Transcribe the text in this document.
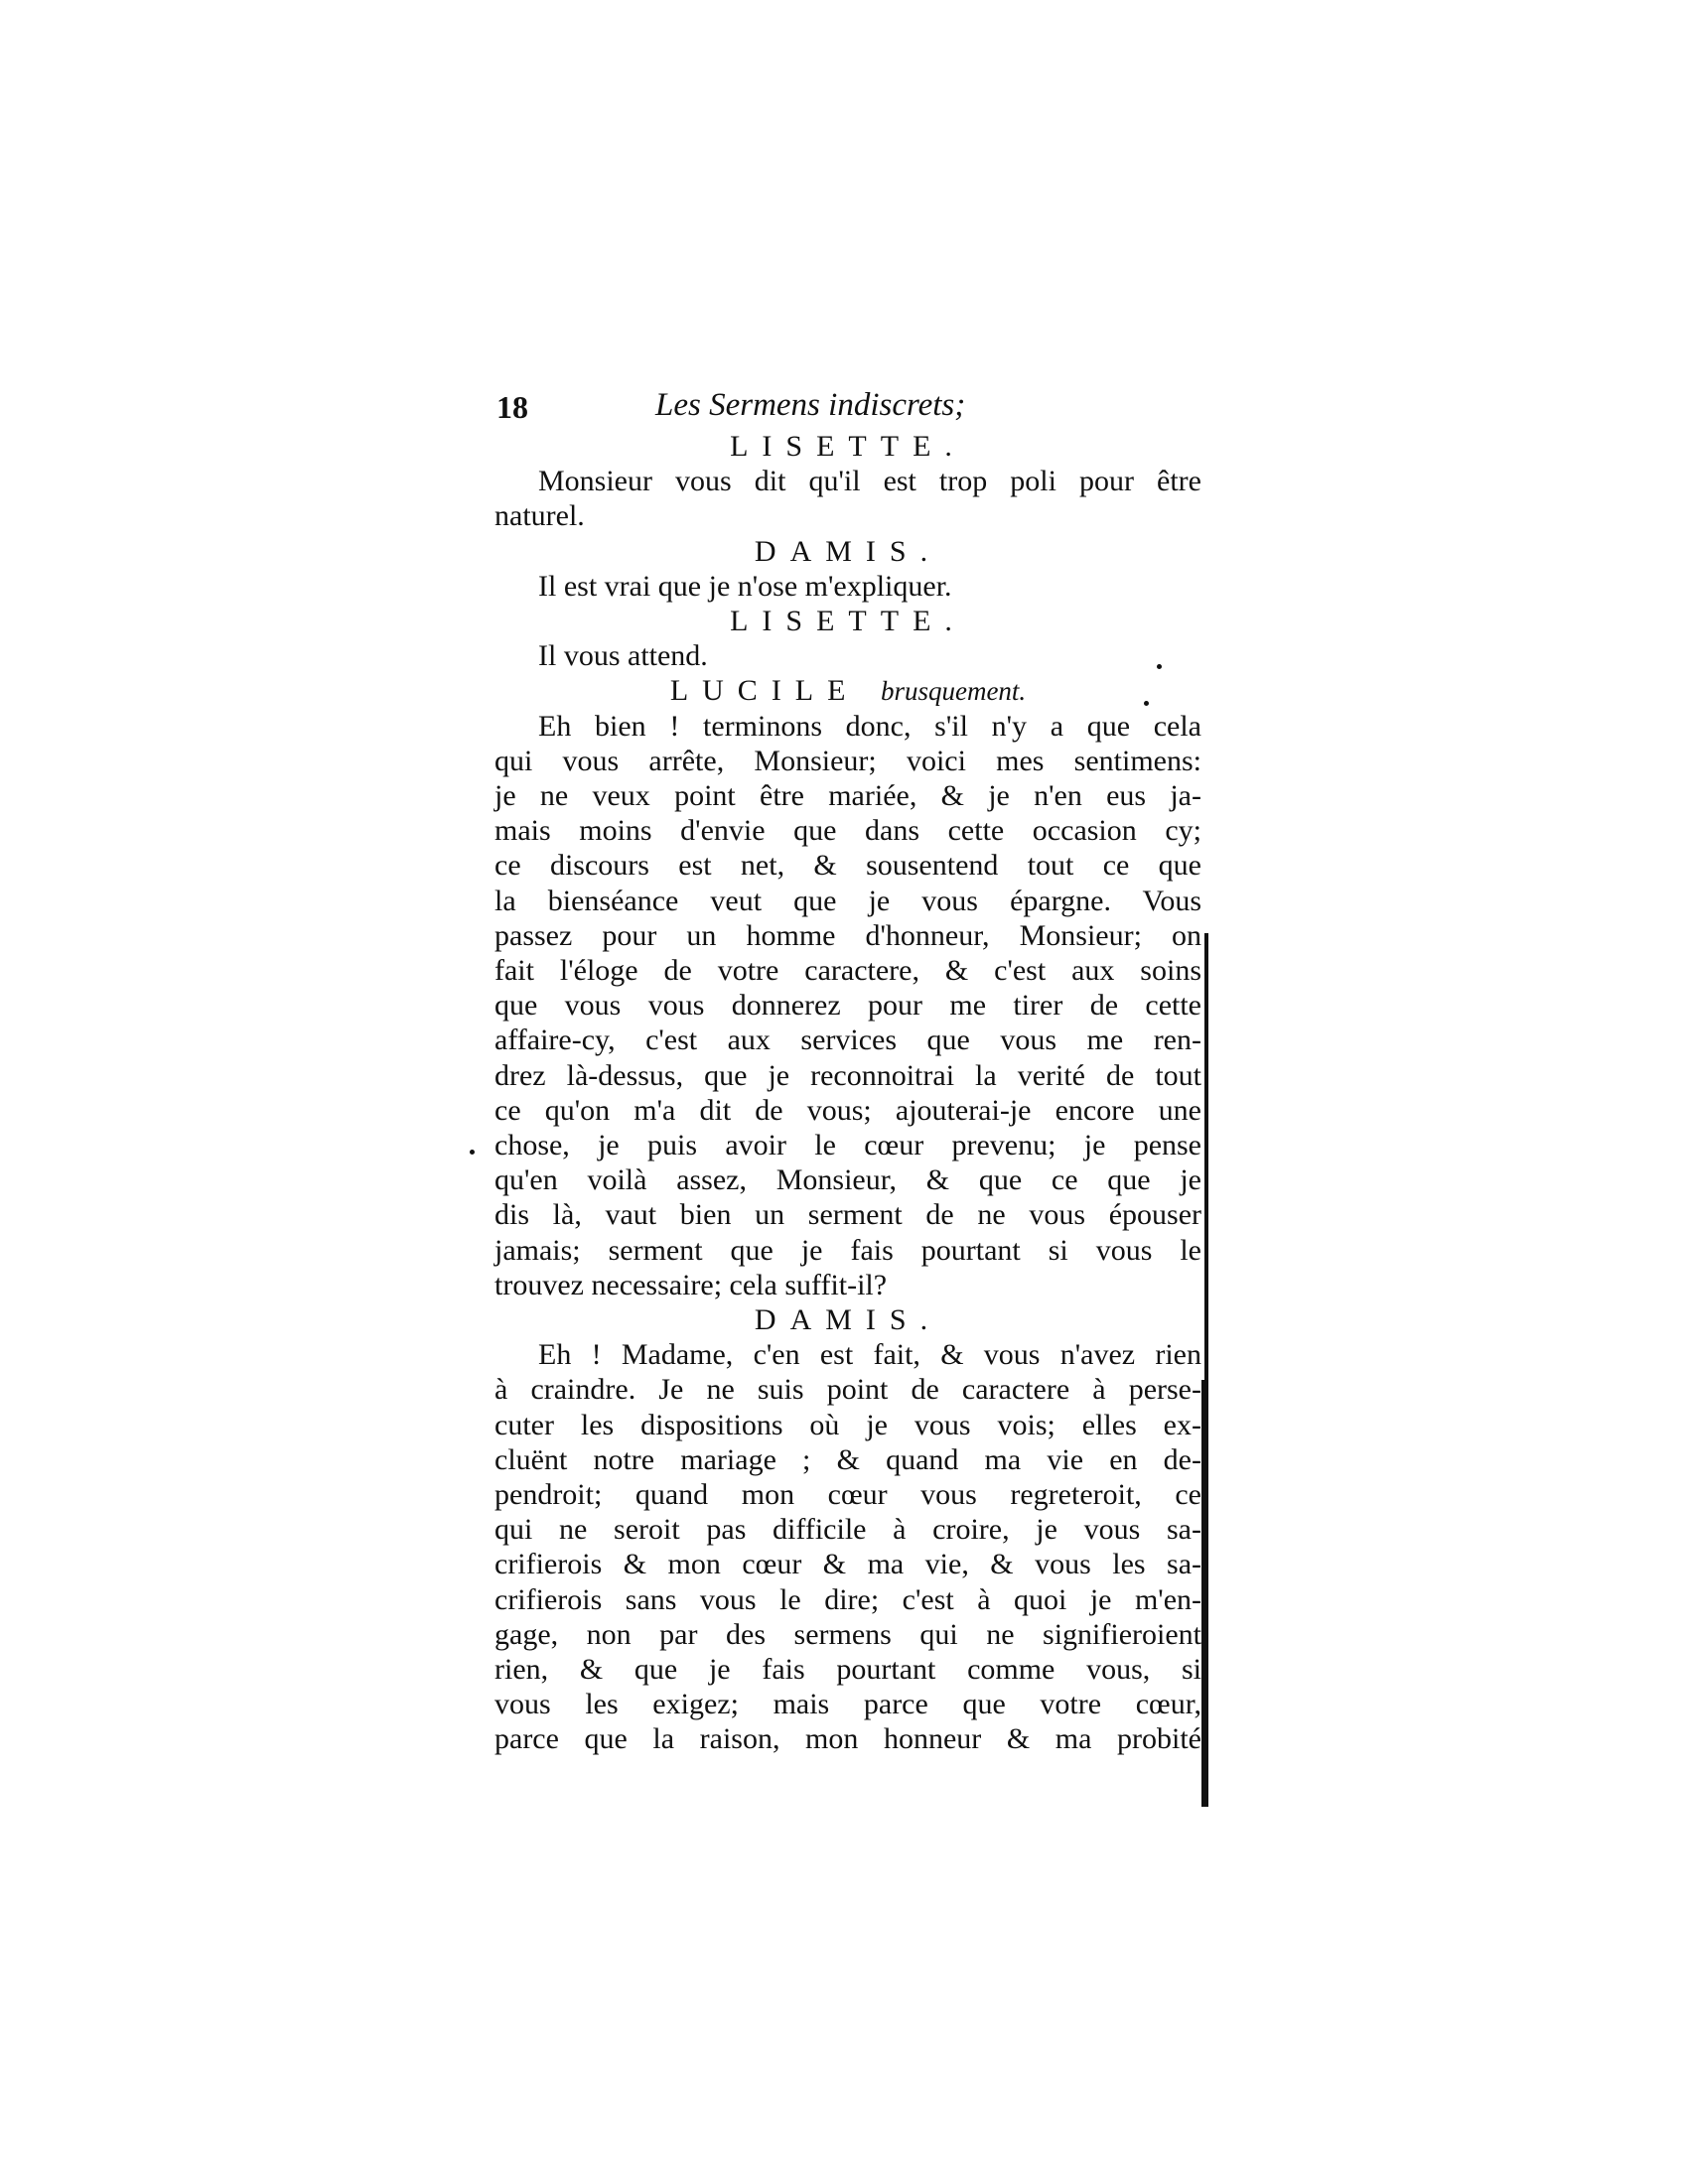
18	Les Sermens indiscrets;
LISETTE.
Monsieur vous dit qu'il est trop poli pour être
naturel.
DAMIS.
Il est vrai que je n'ose m'expliquer.
LISETTE.
Il vous attend.
LUCILE brusquement.
Eh bien ! terminons donc, s'il n'y a que cela
qui vous arrête, Monsieur; voici mes sentimens:
je ne veux point être mariée, & je n'en eus ja-
mais moins d'envie que dans cette occasion cy;
ce discours est net, & sousentend tout ce que
la bienséance veut que je vous épargne. Vous
passez pour un homme d'honneur, Monsieur; on
fait l'éloge de votre caractere, & c'est aux soins
que vous vous donnerez pour me tirer de cette
affaire-cy, c'est aux services que vous me ren-
drez là-dessus, que je reconnoitrai la verité de tout
ce qu'on m'a dit de vous; ajouterai-je encore une
chose, je puis avoir le cœur prevenu; je pense
qu'en voilà assez, Monsieur, & que ce que je
dis là, vaut bien un serment de ne vous épouser
jamais; serment que je fais pourtant si vous le
trouvez necessaire; cela suffit-il?
DAMIS.
Eh ! Madame, c'en est fait, & vous n'avez rien
à craindre. Je ne suis point de caractere à perse-
cuter les dispositions où je vous vois; elles ex-
cluënt notre mariage ; & quand ma vie en de-
pendroit; quand mon cœur vous regreteroit, ce
qui ne seroit pas difficile à croire, je vous sa-
crifierois & mon cœur & ma vie, & vous les sa-
crifierois sans vous le dire; c'est à quoi je m'en-
gage, non par des sermens qui ne signifieroient
rien, & que je fais pourtant comme vous, si
vous les exigez; mais parce que votre cœur,
parce que la raison, mon honneur & ma probité
